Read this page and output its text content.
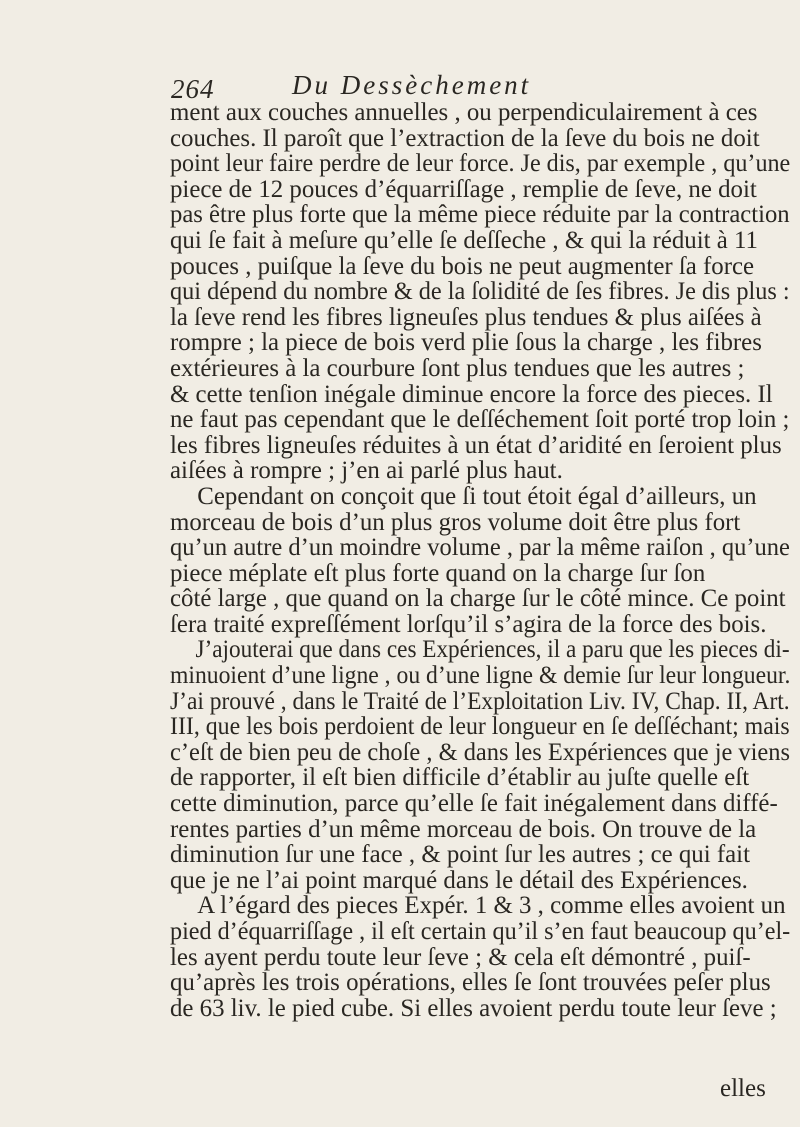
264	Du Dessèchement
ment aux couches annuelles , ou perpendiculairement à ces
couches. Il paroît que l’extraction de la ſeve du bois ne doit
point leur faire perdre de leur force. Je dis, par exemple , qu’une
piece de 12 pouces d’équarriſſage , remplie de ſeve, ne doit
pas être plus forte que la même piece réduite par la contraction
qui ſe fait à meſure qu’elle ſe deſſeche , & qui la réduit à 11
pouces , puiſque la ſeve du bois ne peut augmenter ſa force
qui dépend du nombre & de la ſolidité de ſes fibres. Je dis plus :
la ſeve rend les fibres ligneuſes plus tendues & plus aiſées à
rompre ; la piece de bois verd plie ſous la charge , les fibres
extérieures à la courbure ſont plus tendues que les autres ;
& cette tenſion inégale diminue encore la force des pieces. Il
ne faut pas cependant que le deſſéchement ſoit porté trop loin ;
les fibres ligneuſes réduites à un état d’aridité en ſeroient plus
aiſées à rompre ; j’en ai parlé plus haut.
Cependant on conçoit que ſi tout étoit égal d’ailleurs, un
morceau de bois d’un plus gros volume doit être plus fort
qu’un autre d’un moindre volume , par la même raiſon , qu’une
piece méplate eſt plus forte quand on la charge ſur ſon
côté large , que quand on la charge ſur le côté mince. Ce point
ſera traité expreſſément lorſqu’il s’agira de la force des bois.
J’ajouterai que dans ces Expériences, il a paru que les pieces di-
minuoient d’une ligne , ou d’une ligne & demie ſur leur longueur.
J’ai prouvé , dans le Traité de l’Exploitation Liv. IV, Chap. II, Art.
III, que les bois perdoient de leur longueur en ſe deſſéchant; mais
c’eſt de bien peu de choſe , & dans les Expériences que je viens
de rapporter, il eſt bien difficile d’établir au juſte quelle eſt
cette diminution, parce qu’elle ſe fait inégalement dans diffé-
rentes parties d’un même morceau de bois. On trouve de la
diminution ſur une face , & point ſur les autres ; ce qui fait
que je ne l’ai point marqué dans le détail des Expériences.
A l’égard des pieces Expér. 1 & 3 , comme elles avoient un
pied d’équarriſſage , il eſt certain qu’il s’en faut beaucoup qu’el-
les ayent perdu toute leur ſeve ; & cela eſt démontré , puiſ-
qu’après les trois opérations, elles ſe ſont trouvées peſer plus
de 63 liv. le pied cube. Si elles avoient perdu toute leur ſeve ;
elles
